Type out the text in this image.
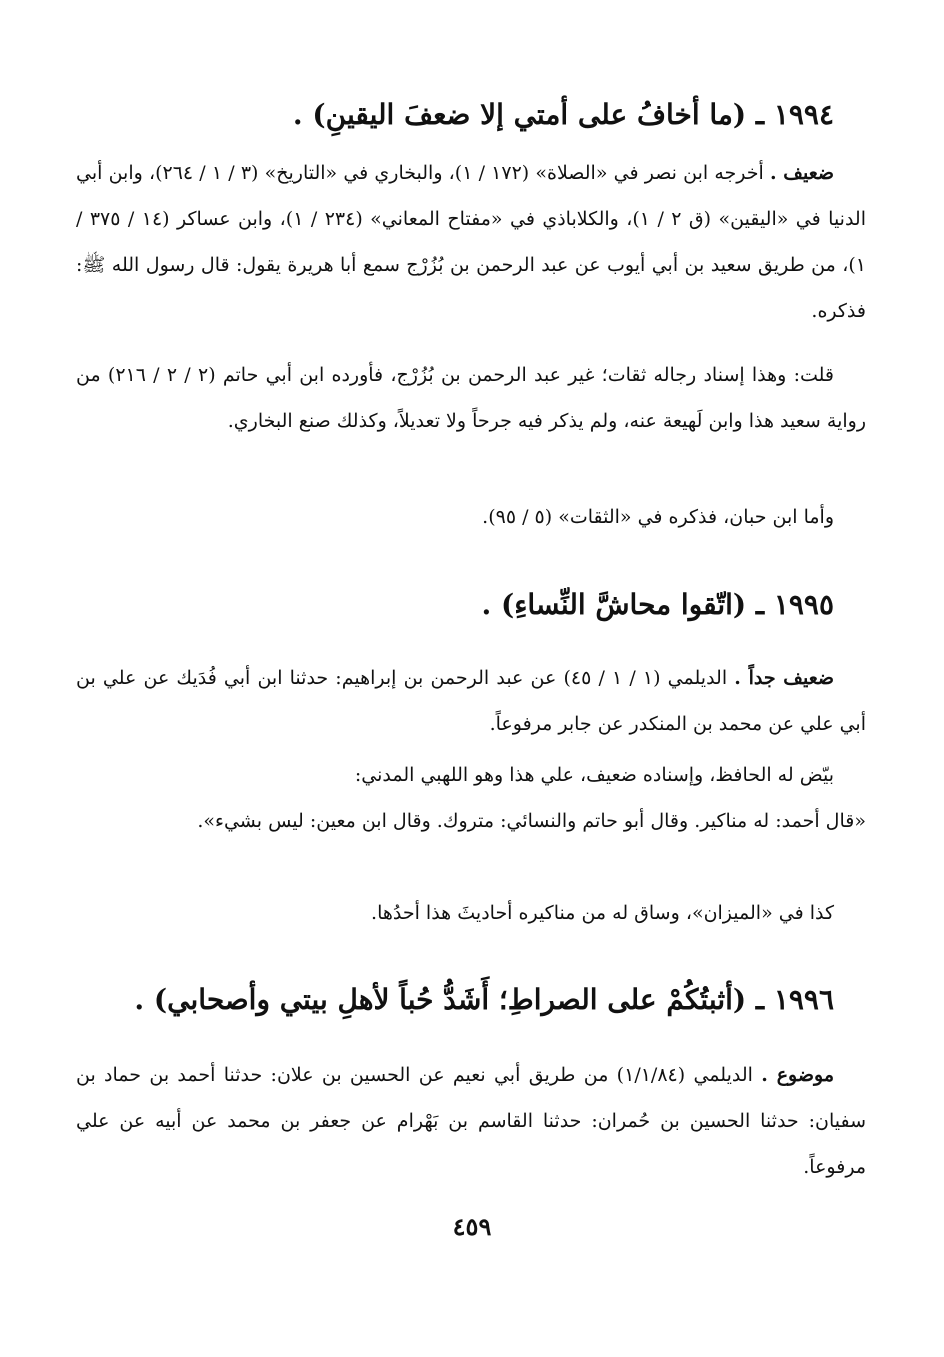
١٩٩٤ ـ (ما أخافُ على أمتي إلا ضعفَ اليقينِ) .

ضعيف . أخرجه ابن نصر في «الصلاة» (١٧٢ / ١)، والبخاري في «التاريخ» (٣ / ١ / ٢٦٤)، وابن أبي الدنيا في «اليقين» (ق ٢ / ١)، والكلاباذي في «مفتاح المعاني» (٢٣٤ / ١)، وابن عساكر (١٤ / ٣٧٥ / ١)، من طريق سعيد بن أبي أيوب عن عبد الرحمن بن بُزُرْج سمع أبا هريرة يقول: قال رسول الله ﷺ: فذكره.

قلت: وهذا إسناد رجاله ثقات؛ غير عبد الرحمن بن بُزُرْج، فأورده ابن أبي حاتم (٢ / ٢ / ٢١٦) من رواية سعيد هذا وابن لَهيعة عنه، ولم يذكر فيه جرحاً ولا تعديلاً، وكذلك صنع البخاري.

وأما ابن حبان، فذكره في «الثقات» (٥ / ٩٥).

١٩٩٥ ـ (اتّقوا محاشَّ النِّساءِ) .

ضعيف جداً . الديلمي (١ / ١ / ٤٥) عن عبد الرحمن بن إبراهيم: حدثنا ابن أبي فُدَيك عن علي بن أبي علي عن محمد بن المنكدر عن جابر مرفوعاً.

بيّض له الحافظ، وإسناده ضعيف، علي هذا وهو اللهبي المدني:

«قال أحمد: له مناكير. وقال أبو حاتم والنسائي: متروك. وقال ابن معين: ليس بشيء».

كذا في «الميزان»، وساق له من مناكيره أحاديثَ هذا أحدُها.

١٩٩٦ ـ (أثبتُكُمْ على الصراطِ؛ أَشَدُّ حُباً لأهلِ بيتي وأصحابي) .

موضوع . الديلمي (١/١/٨٤) من طريق أبي نعيم عن الحسين بن علان: حدثنا أحمد بن حماد بن سفيان: حدثنا الحسين بن حُمران: حدثنا القاسم بن بَهْرام عن جعفر بن محمد عن أبيه عن علي مرفوعاً.

٤٥٩
